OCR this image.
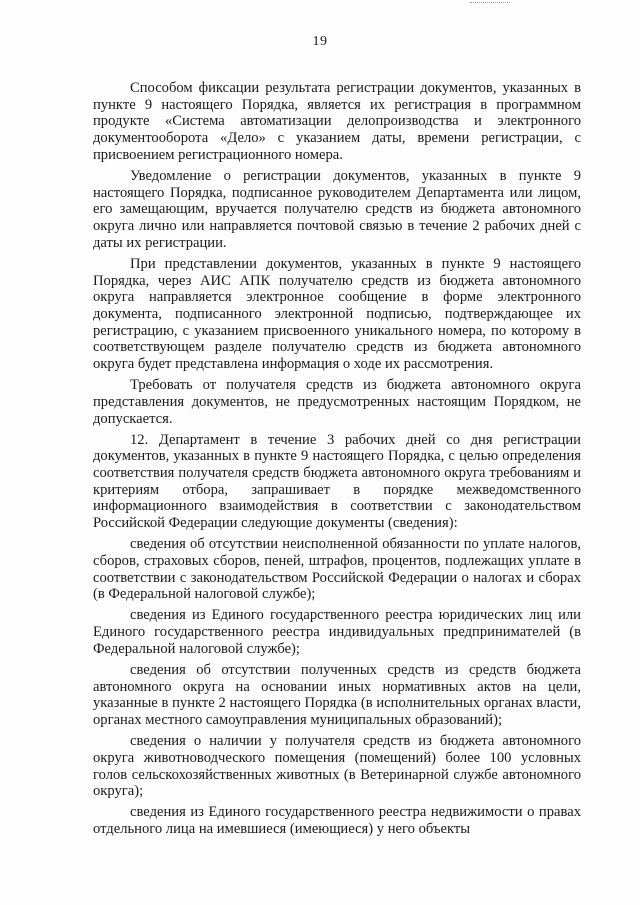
19

Способом фиксации результата регистрации документов, указанных в пункте 9 настоящего Порядка, является их регистрация в программном продукте «Система автоматизации делопроизводства и электронного документооборота «Дело» с указанием даты, времени регистрации, с присвоением регистрационного номера.

Уведомление о регистрации документов, указанных в пункте 9 настоящего Порядка, подписанное руководителем Департамента или лицом, его замещающим, вручается получателю средств из бюджета автономного округа лично или направляется почтовой связью в течение 2 рабочих дней с даты их регистрации.

При представлении документов, указанных в пункте 9 настоящего Порядка, через АИС АПК получателю средств из бюджета автономного округа направляется электронное сообщение в форме электронного документа, подписанного электронной подписью, подтверждающее их регистрацию, с указанием присвоенного уникального номера, по которому в соответствующем разделе получателю средств из бюджета автономного округа будет представлена информация о ходе их рассмотрения.

Требовать от получателя средств из бюджета автономного округа представления документов, не предусмотренных настоящим Порядком, не допускается.

12. Департамент в течение 3 рабочих дней со дня регистрации документов, указанных в пункте 9 настоящего Порядка, с целью определения соответствия получателя средств бюджета автономного округа требованиям и критериям отбора, запрашивает в порядке межведомственного информационного взаимодействия в соответствии с законодательством Российской Федерации следующие документы (сведения):

сведения об отсутствии неисполненной обязанности по уплате налогов, сборов, страховых сборов, пеней, штрафов, процентов, подлежащих уплате в соответствии с законодательством Российской Федерации о налогах и сборах (в Федеральной налоговой службе);

сведения из Единого государственного реестра юридических лиц или Единого государственного реестра индивидуальных предпринимателей (в Федеральной налоговой службе);

сведения об отсутствии полученных средств из средств бюджета автономного округа на основании иных нормативных актов на цели, указанные в пункте 2 настоящего Порядка (в исполнительных органах власти, органах местного самоуправления муниципальных образований);

сведения о наличии у получателя средств из бюджета автономного округа животноводческого помещения (помещений) более 100 условных голов сельскохозяйственных животных (в Ветеринарной службе автономного округа);

сведения из Единого государственного реестра недвижимости о правах отдельного лица на имевшиеся (имеющиеся) у него объекты
